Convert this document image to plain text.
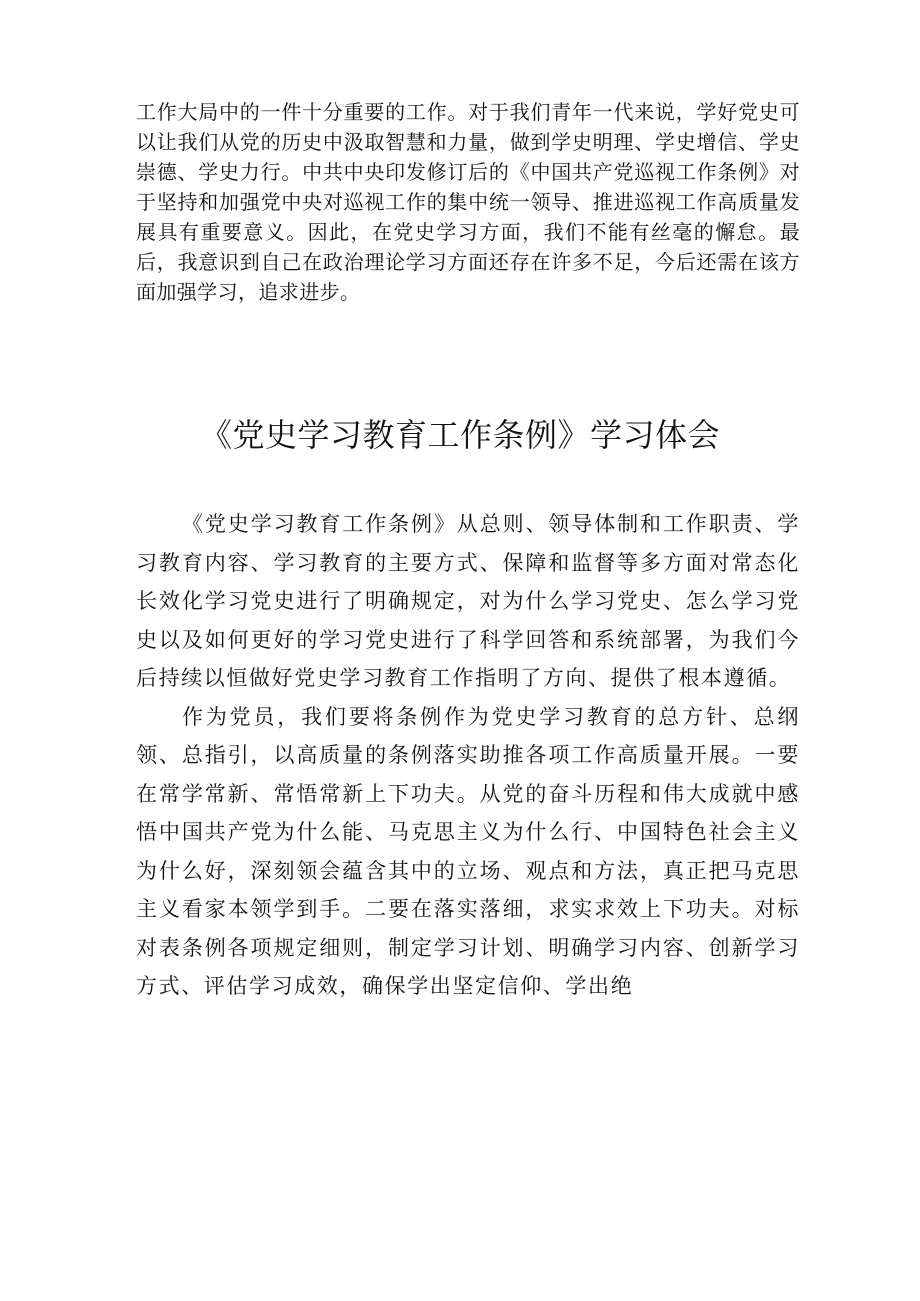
工作大局中的一件十分重要的工作。对于我们青年一代来说，学好党史可以让我们从党的历史中汲取智慧和力量，做到学史明理、学史增信、学史崇德、学史力行。中共中央印发修订后的《中国共产党巡视工作条例》对于坚持和加强党中央对巡视工作的集中统一领导、推进巡视工作高质量发展具有重要意义。因此，在党史学习方面，我们不能有丝毫的懈怠。最后，我意识到自己在政治理论学习方面还存在许多不足，今后还需在该方面加强学习，追求进步。

《党史学习教育工作条例》学习体会

《党史学习教育工作条例》从总则、领导体制和工作职责、学习教育内容、学习教育的主要方式、保障和监督等多方面对常态化长效化学习党史进行了明确规定，对为什么学习党史、怎么学习党史以及如何更好的学习党史进行了科学回答和系统部署，为我们今后持续以恒做好党史学习教育工作指明了方向、提供了根本遵循。

作为党员，我们要将条例作为党史学习教育的总方针、总纲领、总指引，以高质量的条例落实助推各项工作高质量开展。一要在常学常新、常悟常新上下功夫。从党的奋斗历程和伟大成就中感悟中国共产党为什么能、马克思主义为什么行、中国特色社会主义为什么好，深刻领会蕴含其中的立场、观点和方法，真正把马克思主义看家本领学到手。二要在落实落细，求实求效上下功夫。对标对表条例各项规定细则，制定学习计划、明确学习内容、创新学习方式、评估学习成效，确保学出坚定信仰、学出绝
